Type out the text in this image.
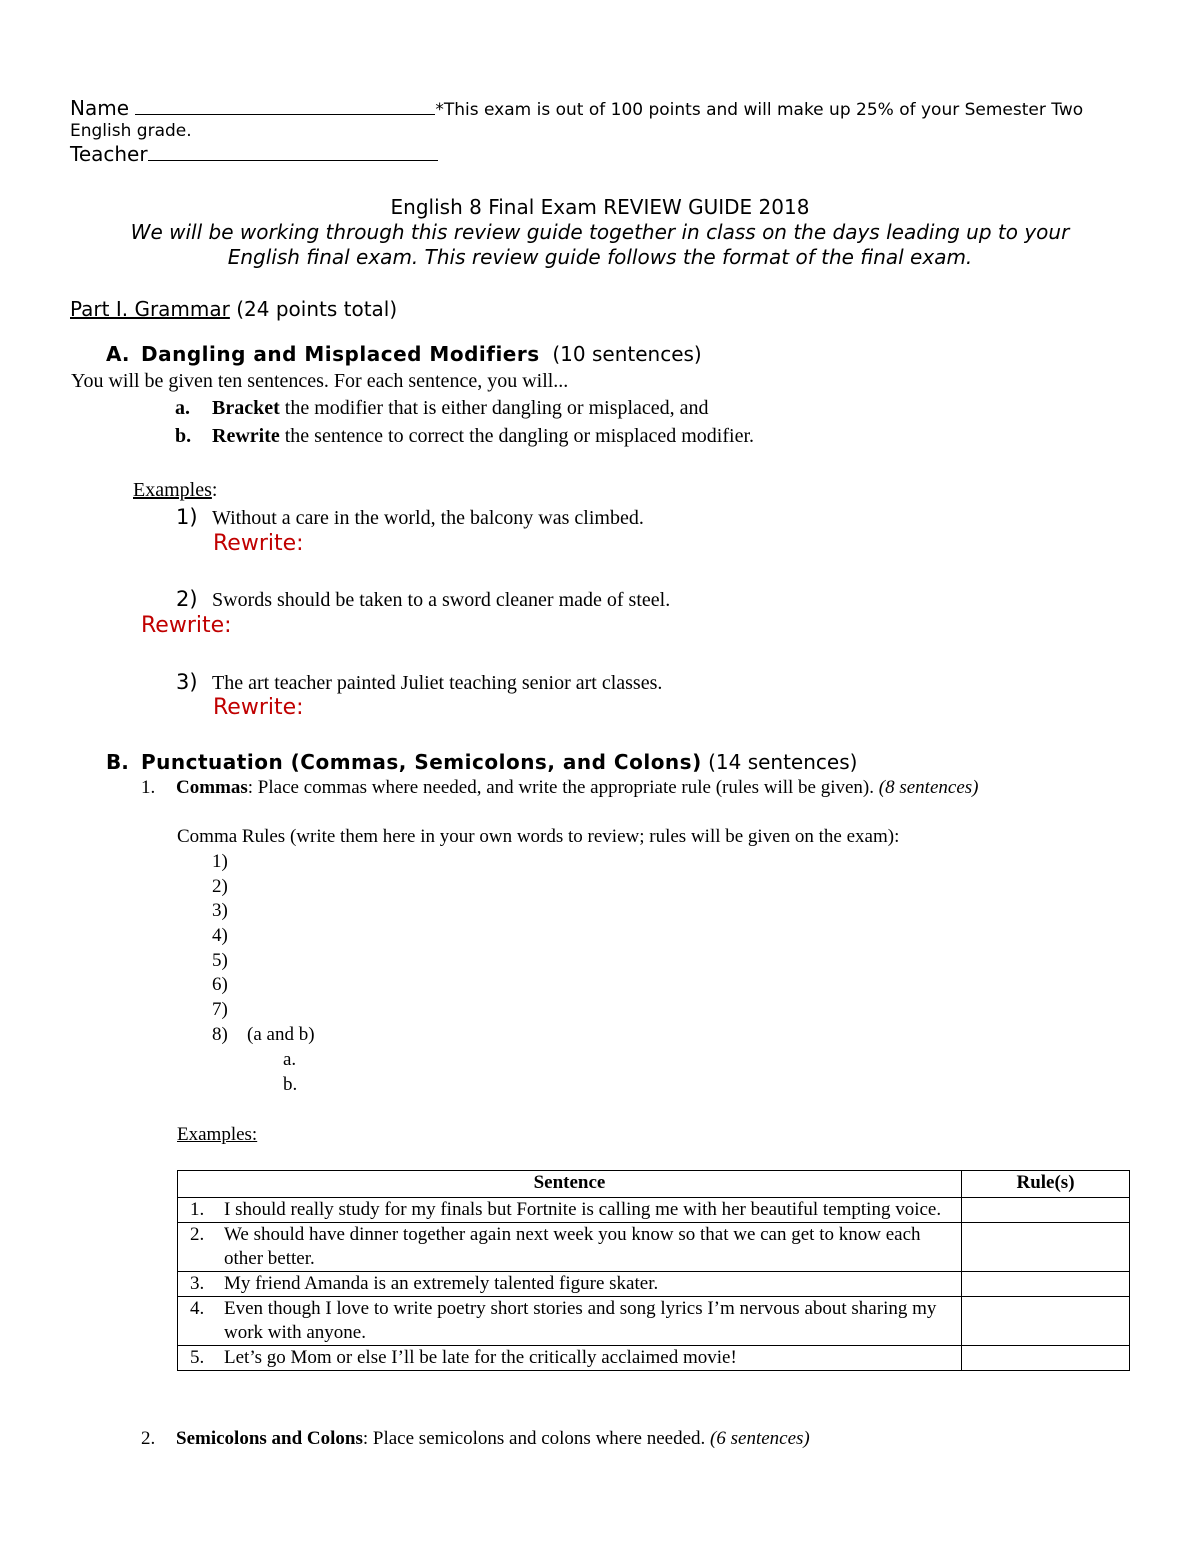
Name	*This exam is out of 100 points and will make up 25% of your Semester Two
English grade.
Teacher
English 8 Final Exam REVIEW GUIDE 2018
We will be working through this review guide together in class on the days leading up to your
English final exam. This review guide follows the format of the final exam.
Part I. Grammar (24 points total)
A. Dangling and Misplaced Modifiers (10 sentences)
You will be given ten sentences. For each sentence, you will...
a. Bracket the modifier that is either dangling or misplaced, and
b. Rewrite the sentence to correct the dangling or misplaced modifier.
Examples:
1) Without a care in the world, the balcony was climbed.
Rewrite:
2) Swords should be taken to a sword cleaner made of steel.
Rewrite:
3) The art teacher painted Juliet teaching senior art classes.
Rewrite:
B. Punctuation (Commas, Semicolons, and Colons) (14 sentences)
1. Commas: Place commas where needed, and write the appropriate rule (rules will be given). (8 sentences)
Comma Rules (write them here in your own words to review; rules will be given on the exam):
1)
2)
3)
4)
5)
6)
7)
8) (a and b)
a.
b.
Examples:
Sentence	Rule(s)

1. I should really study for my finals but Fortnite is calling me with her beautiful tempting voice.	

2. We should have dinner together again next week you know so that we can get to know each other better.	

3. My friend Amanda is an extremely talented figure skater.	

4. Even though I love to write poetry short stories and song lyrics I’m nervous about sharing my work with anyone.	

5. Let’s go Mom or else I’ll be late for the critically acclaimed movie!	

2. Semicolons and Colons: Place semicolons and colons where needed. (6 sentences)
